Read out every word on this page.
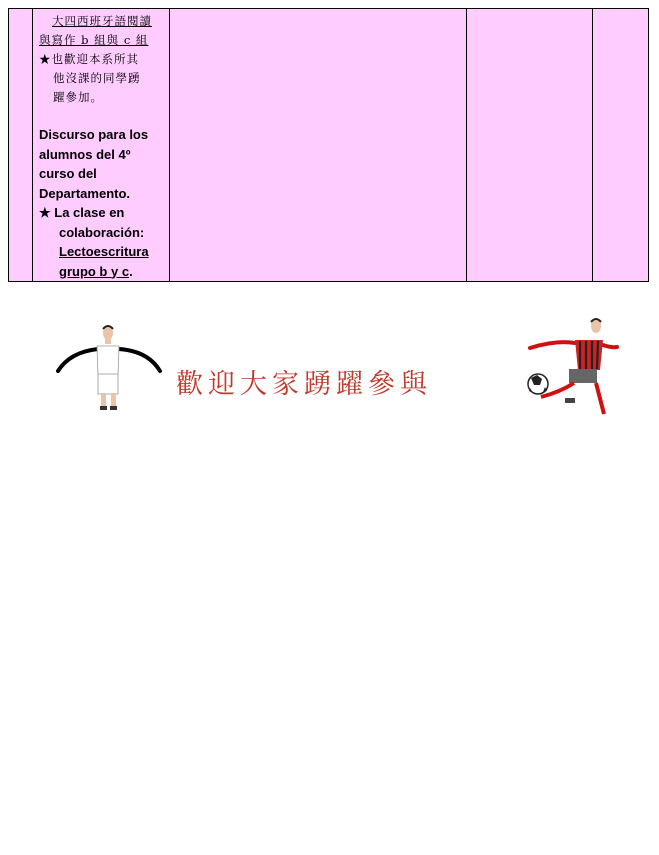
大四西班牙語閱讀
與寫作 b 組與 c 組
★也歡迎本系所其
他沒課的同學踴
躍參加。
Discurso para los
alumnos del 4º
curso del
Departamento.
★ La clase en
colaboración:
Lectoescritura
grupo b y c.

歡迎大家踴躍參與
